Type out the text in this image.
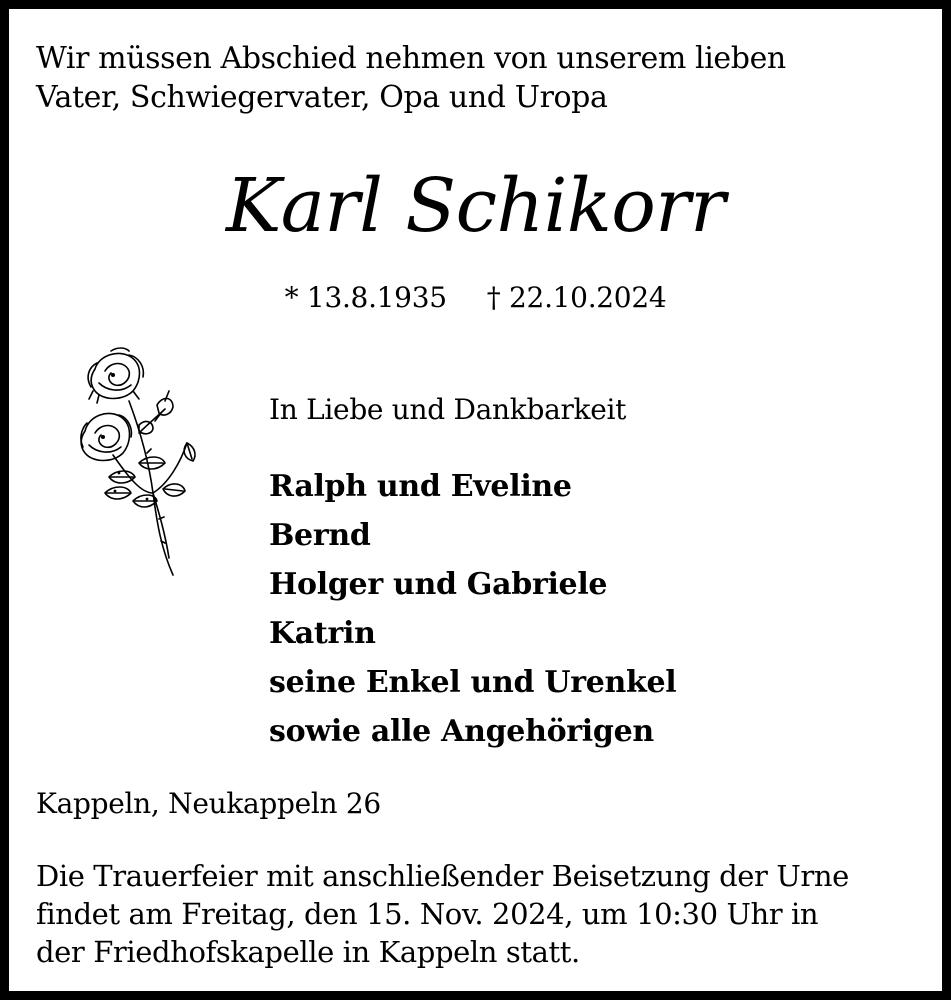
Wir müssen Abschied nehmen von unserem lieben
Vater, Schwiegervater, Opa und Uropa

Karl Schikorr
* 13.8.1935 † 22.10.2024
In Liebe und Dankbarkeit
Ralph und Eveline
Bernd
Holger und Gabriele
Katrin
seine Enkel und Urenkel
sowie alle Angehörigen
Kappeln, Neukappeln 26

Die Trauerfeier mit anschließender Beisetzung der Urne
findet am Freitag, den 15. Nov. 2024, um 10:30 Uhr in
der Friedhofskapelle in Kappeln statt.
